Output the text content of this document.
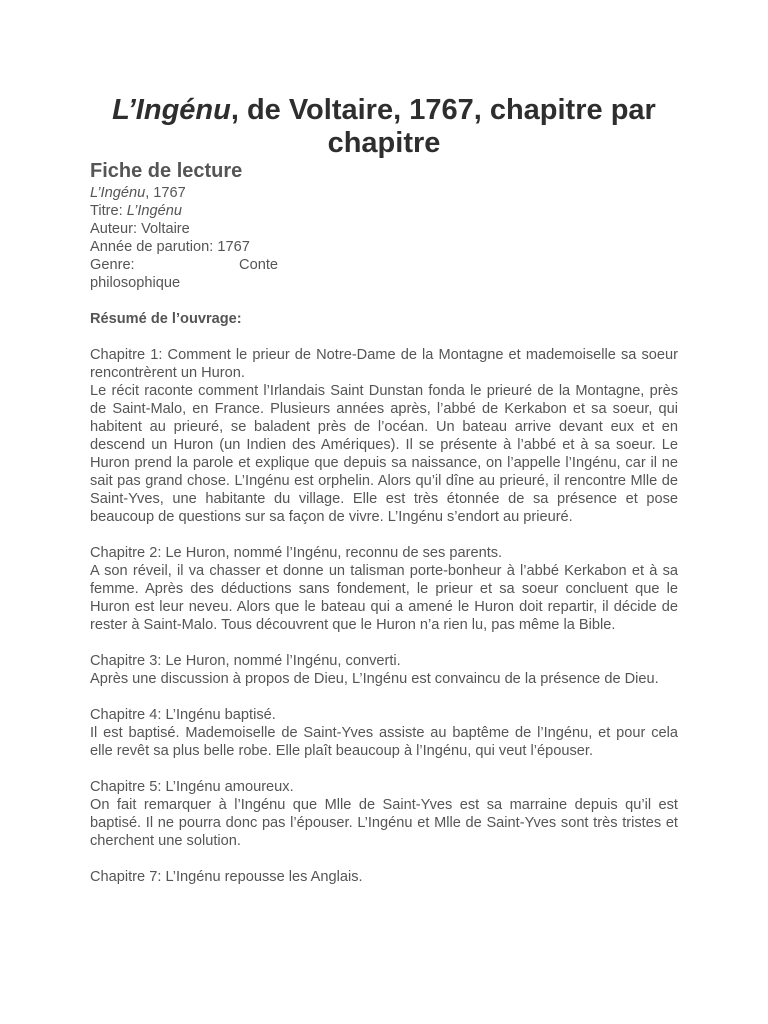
L’Ingénu, de Voltaire, 1767, chapitre par chapitre
Fiche de lecture

L’Ingénu, 1767

Titre: L’Ingénu

Auteur: Voltaire

Année de parution: 1767

Genre:	Conte

philosophique

Résumé de l’ouvrage:

Chapitre 1: Comment le prieur de Notre-Dame de la Montagne et mademoiselle sa soeur rencontrèrent un Huron.

Le récit raconte comment l’Irlandais Saint Dunstan fonda le prieuré de la Montagne, près de Saint-Malo, en France. Plusieurs années après, l’abbé de Kerkabon et sa soeur, qui habitent au prieuré, se baladent près de l’océan. Un bateau arrive devant eux et en descend un Huron (un Indien des Amériques). Il se présente à l’abbé et à sa soeur. Le Huron prend la parole et explique que depuis sa naissance, on l’appelle l’Ingénu, car il ne sait pas grand chose. L’Ingénu est orphelin. Alors qu’il dîne au prieuré, il rencontre Mlle de Saint-Yves, une habitante du village. Elle est très étonnée de sa présence et pose beaucoup de questions sur sa façon de vivre. L’Ingénu s’endort au prieuré.

Chapitre 2: Le Huron, nommé l’Ingénu, reconnu de ses parents.

A son réveil, il va chasser et donne un talisman porte-bonheur à l’abbé Kerkabon et à sa femme. Après des déductions sans fondement, le prieur et sa soeur concluent que le Huron est leur neveu. Alors que le bateau qui a amené le Huron doit repartir, il décide de rester à Saint-Malo. Tous découvrent que le Huron n’a rien lu, pas même la Bible.

Chapitre 3: Le Huron, nommé l’Ingénu, converti.

Après une discussion à propos de Dieu, L’Ingénu est convaincu de la présence de Dieu.

Chapitre 4: L’Ingénu baptisé.

Il est baptisé. Mademoiselle de Saint-Yves assiste au baptême de l’Ingénu, et pour cela elle revêt sa plus belle robe. Elle plaît beaucoup à l’Ingénu, qui veut l’épouser.

Chapitre 5: L’Ingénu amoureux.

On fait remarquer à l’Ingénu que Mlle de Saint-Yves est sa marraine depuis qu’il est baptisé. Il ne pourra donc pas l’épouser. L’Ingénu et Mlle de Saint-Yves sont très tristes et cherchent une solution.

Chapitre 7: L’Ingénu repousse les Anglais.
